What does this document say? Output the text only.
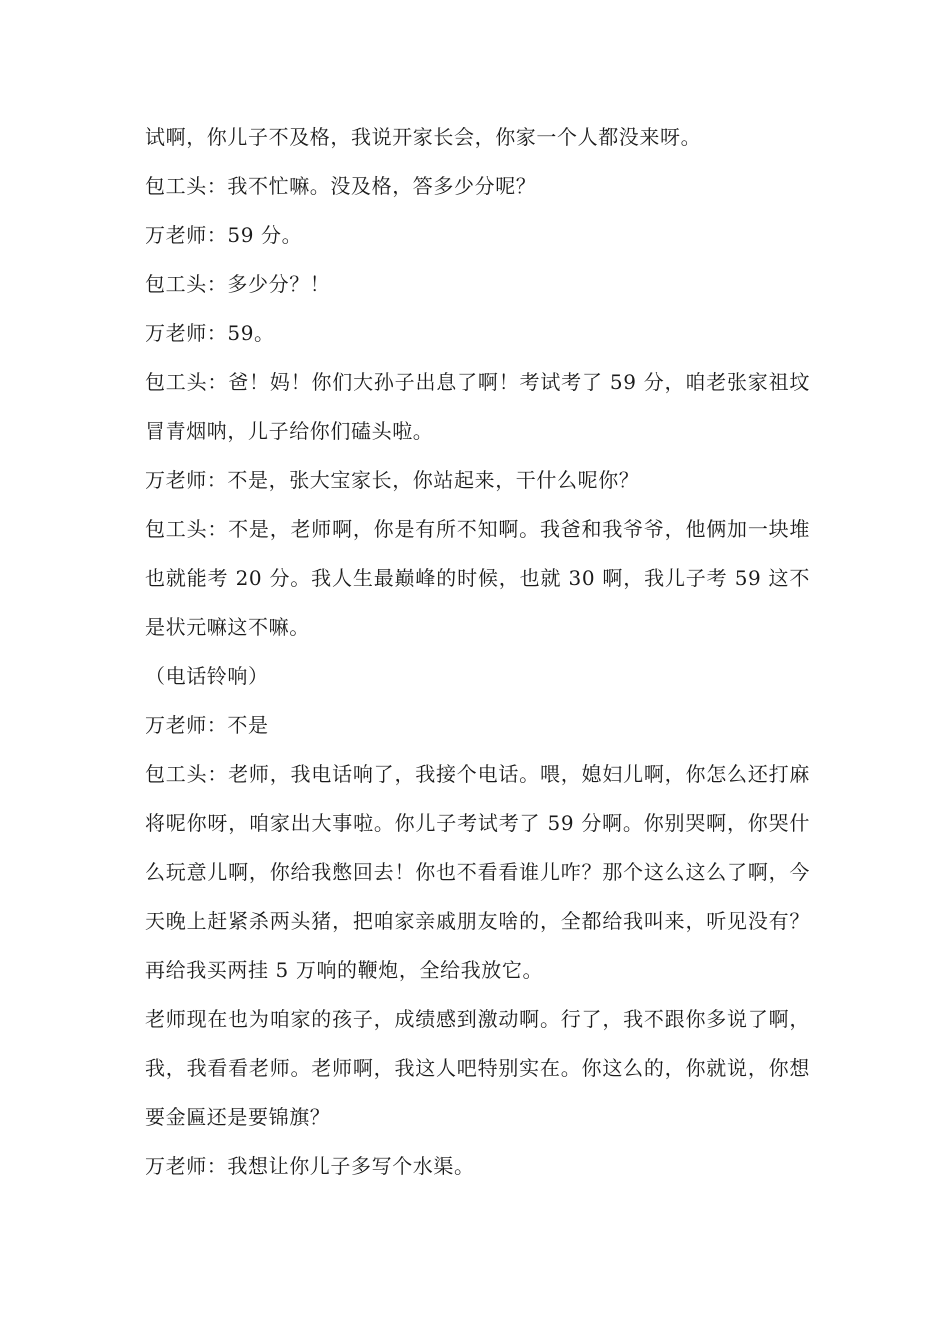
试啊，你儿子不及格，我说开家长会，你家一个人都没来呀。

包工头：我不忙嘛。没及格，答多少分呢？

万老师：59 分。

包工头：多少分？！

万老师：59。

包工头：爸！妈！你们大孙子出息了啊！考试考了 59 分，咱老张家祖坟冒青烟呐，儿子给你们磕头啦。

万老师：不是，张大宝家长，你站起来，干什么呢你？

包工头：不是，老师啊，你是有所不知啊。我爸和我爷爷，他俩加一块堆也就能考 20 分。我人生最巅峰的时候，也就 30 啊，我儿子考 59 这不是状元嘛这不嘛。

（电话铃响）

万老师：不是

包工头：老师，我电话响了，我接个电话。喂，媳妇儿啊，你怎么还打麻将呢你呀，咱家出大事啦。你儿子考试考了 59 分啊。你别哭啊，你哭什么玩意儿啊，你给我憋回去！你也不看看谁儿咋？那个这么这么了啊，今天晚上赶紧杀两头猪，把咱家亲戚朋友啥的，全都给我叫来，听见没有？再给我买两挂 5 万响的鞭炮，全给我放它。

老师现在也为咱家的孩子，成绩感到激动啊。行了，我不跟你多说了啊，我，我看看老师。老师啊，我这人吧特别实在。你这么的，你就说，你想要金匾还是要锦旗？

万老师：我想让你儿子多写个水渠。
